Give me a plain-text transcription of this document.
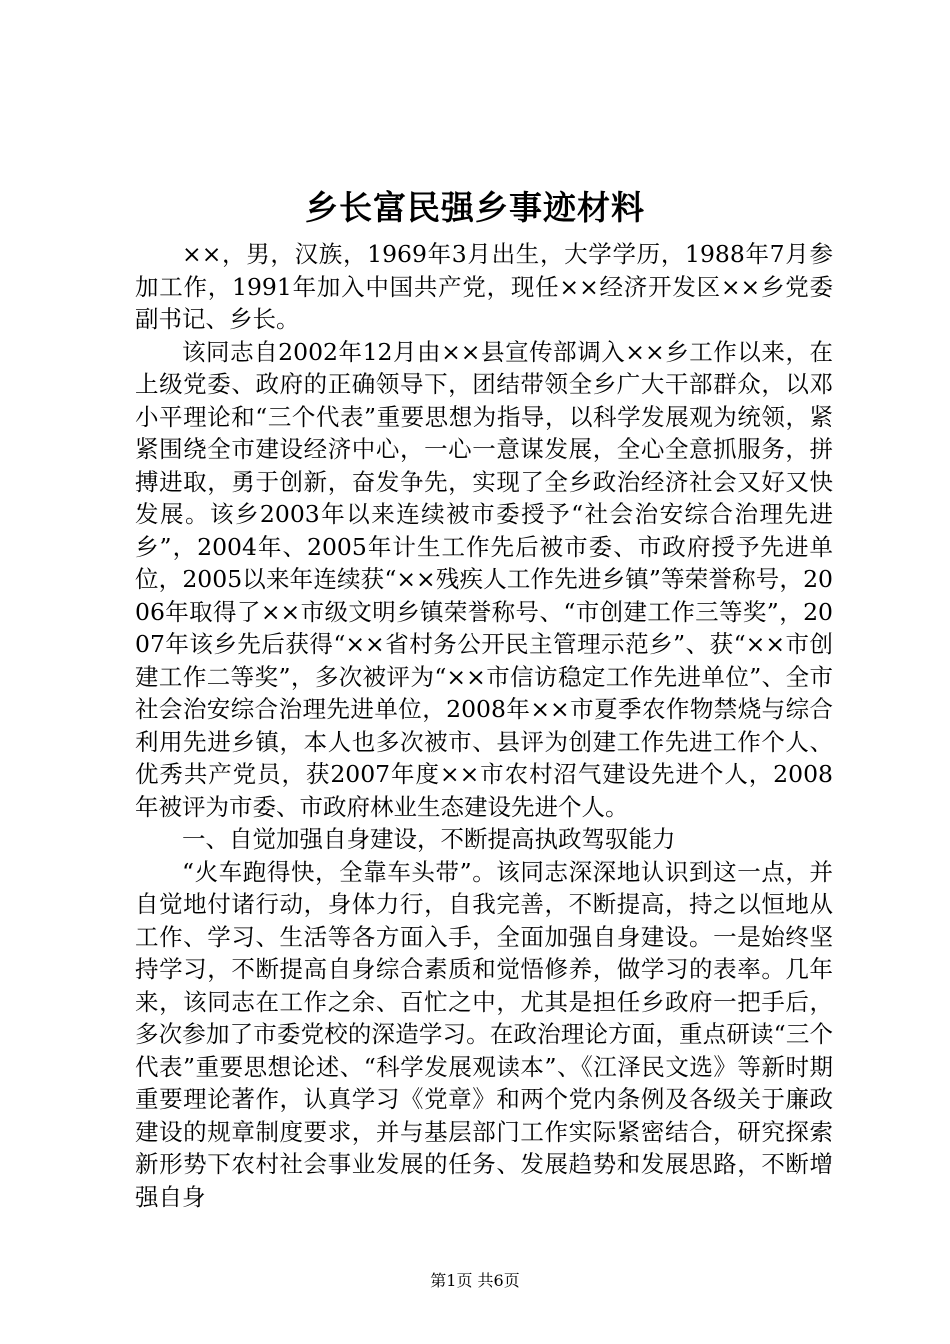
乡长富民强乡事迹材料

××，男，汉族，1969年3月出生，大学学历，1988年7月参加工作，1991年加入中国共产党，现任××经济开发区××乡党委副书记、乡长。

该同志自2002年12月由××县宣传部调入××乡工作以来，在上级党委、政府的正确领导下，团结带领全乡广大干部群众，以邓小平理论和“三个代表”重要思想为指导，以科学发展观为统领，紧紧围绕全市建设经济中心，一心一意谋发展，全心全意抓服务，拼搏进取，勇于创新，奋发争先，实现了全乡政治经济社会又好又快发展。该乡2003年以来连续被市委授予“社会治安综合治理先进乡”，2004年、2005年计生工作先后被市委、市政府授予先进单位，2005以来年连续获“××残疾人工作先进乡镇”等荣誉称号，2006年取得了××市级文明乡镇荣誉称号、“市创建工作三等奖”，2007年该乡先后获得“××省村务公开民主管理示范乡”、获“××市创建工作二等奖”，多次被评为“××市信访稳定工作先进单位”、全市社会治安综合治理先进单位，2008年××市夏季农作物禁烧与综合利用先进乡镇，本人也多次被市、县评为创建工作先进工作个人、优秀共产党员，获2007年度××市农村沼气建设先进个人，2008年被评为市委、市政府林业生态建设先进个人。

一、自觉加强自身建设，不断提高执政驾驭能力

“火车跑得快，全靠车头带”。该同志深深地认识到这一点，并自觉地付诸行动，身体力行，自我完善，不断提高，持之以恒地从工作、学习、生活等各方面入手，全面加强自身建设。一是始终坚持学习，不断提高自身综合素质和觉悟修养，做学习的表率。几年来，该同志在工作之余、百忙之中，尤其是担任乡政府一把手后，多次参加了市委党校的深造学习。在政治理论方面，重点研读“三个代表”重要思想论述、“科学发展观读本”、《江泽民文选》等新时期重要理论著作，认真学习《党章》和两个党内条例及各级关于廉政建设的规章制度要求，并与基层部门工作实际紧密结合，研究探索新形势下农村社会事业发展的任务、发展趋势和发展思路，不断增强自身

第1页 共6页
